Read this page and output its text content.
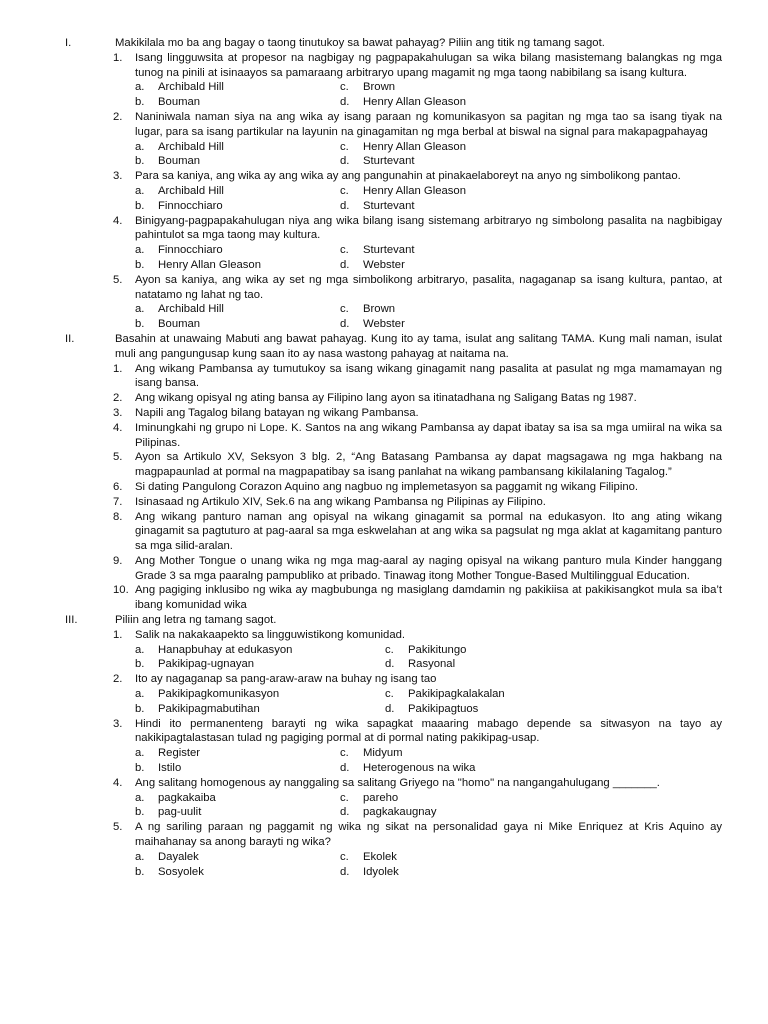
I.	Makikilala mo ba ang bagay o taong tinutukoy sa bawat pahayag? Piliin ang titik ng tamang sagot.
1.	Isang lingguwsita at propesor na nagbigay ng pagpapakahulugan sa wika bilang masistemang balangkas ng mga tunog na pinili at isinaayos sa pamaraang arbitraryo upang magamit ng mga taong nabibilang sa isang kultura.
a.	Archibald Hill	c.	Brown
b.	Bouman	d.	Henry Allan Gleason
2.	Naniniwala naman siya na ang wika ay isang paraan ng komunikasyon sa pagitan ng mga tao sa isang tiyak na lugar, para sa isang partikular na layunin na ginagamitan ng mga berbal at biswal na signal para makapagpahayag
a.	Archibald Hill	c.	Henry Allan Gleason
b.	Bouman	d.	Sturtevant
3.	Para sa kaniya, ang wika ay ang wika ay ang pangunahin at pinakaelaboreyt na anyo ng simbolikong pantao.
a.	Archibald Hill	c.	Henry Allan Gleason
b.	Finnocchiaro	d.	Sturtevant
4.	Binigyang-pagpapakahulugan niya ang wika bilang isang sistemang arbitraryo ng simbolong pasalita na nagbibigay pahintulot sa mga taong may kultura.
a.	Finnocchiaro	c.	Sturtevant
b.	Henry Allan Gleason	d.	Webster
5.	Ayon sa kaniya, ang wika ay set ng mga simbolikong arbitraryo, pasalita, nagaganap sa isang kultura, pantao, at natatamo ng lahat ng tao.
a.	Archibald Hill	c.	Brown
b.	Bouman	d.	Webster
II.	Basahin at unawaing Mabuti ang bawat pahayag. Kung ito ay tama, isulat ang salitang TAMA. Kung mali naman, isulat muli ang pangungusap kung saan ito ay nasa wastong pahayag at naitama na.
1.	Ang wikang Pambansa ay tumutukoy sa isang wikang ginagamit nang pasalita at pasulat ng mga mamamayan ng isang bansa.
2.	Ang wikang opisyal ng ating bansa ay Filipino lang ayon sa itinatadhana ng Saligang Batas ng 1987.
3.	Napili ang Tagalog bilang batayan ng wikang Pambansa.
4.	Iminungkahi ng grupo ni Lope. K. Santos na ang wikang Pambansa ay dapat ibatay sa isa sa mga umiiral na wika sa Pilipinas.
5.	Ayon sa Artikulo XV, Seksyon 3 blg. 2, “Ang Batasang Pambansa ay dapat magsagawa ng mga hakbang na magpapaunlad at pormal na magpapatibay sa isang panlahat na wikang pambansang kikilalaning Tagalog.”
6.	Si dating Pangulong Corazon Aquino ang nagbuo ng implemetasyon sa paggamit ng wikang Filipino.
7.	Isinasaad ng Artikulo XIV, Sek.6 na ang wikang Pambansa ng Pilipinas ay Filipino.
8.	Ang wikang panturo naman ang opisyal na wikang ginagamit sa pormal na edukasyon. Ito ang ating wikang ginagamit sa pagtuturo at pag-aaral sa mga eskwelahan at ang wika sa pagsulat ng mga aklat at kagamitang panturo sa mga silid-aralan.
9.	Ang Mother Tongue o unang wika ng mga mag-aaral ay naging opisyal na wikang panturo mula Kinder hanggang Grade 3 sa mga paaralng pampubliko at pribado. Tinawag itong Mother Tongue-Based Multilinggual Education.
10. Ang pagiging inklusibo ng wika ay magbubunga ng masiglang damdamin ng pakikiisa at pakikisangkot mula sa iba’t ibang komunidad wika
III.	Piliin ang letra ng tamang sagot.
1.	Salik na nakakaapekto sa lingguwistikong komunidad.
a.	Hanapbuhay at edukasyon	c.	Pakikitungo
b.	Pakikipag-ugnayan	d.	Rasyonal
2.	Ito ay nagaganap sa pang-araw-araw na buhay ng isang tao
a.	Pakikipagkomunikasyon	c.	Pakikipagkalakalan
b.	Pakikipagmabutihan	d.	Pakikipagtuos
3.	Hindi ito permanenteng barayti ng wika sapagkat maaaring mabago depende sa sitwasyon na tayo ay nakikipagtalastasan tulad ng pagiging pormal at di pormal nating pakikipag-usap.
a.	Register	c.	Midyum
b.	Istilo	d.	Heterogenous na wika
4.	Ang salitang homogenous ay nanggaling sa salitang Griyego na "homo" na nangangahulugang _______.
a.	pagkakaiba	c.	pareho
b.	pag-uulit	d.	pagkakaugnay
5.	A ng sariling paraan ng paggamit ng wika ng sikat na personalidad gaya ni Mike Enriquez at Kris Aquino ay maihahanay sa anong barayti ng wika?
a.	Dayalek	c.	Ekolek
b.	Sosyolek	d.	Idyolek
